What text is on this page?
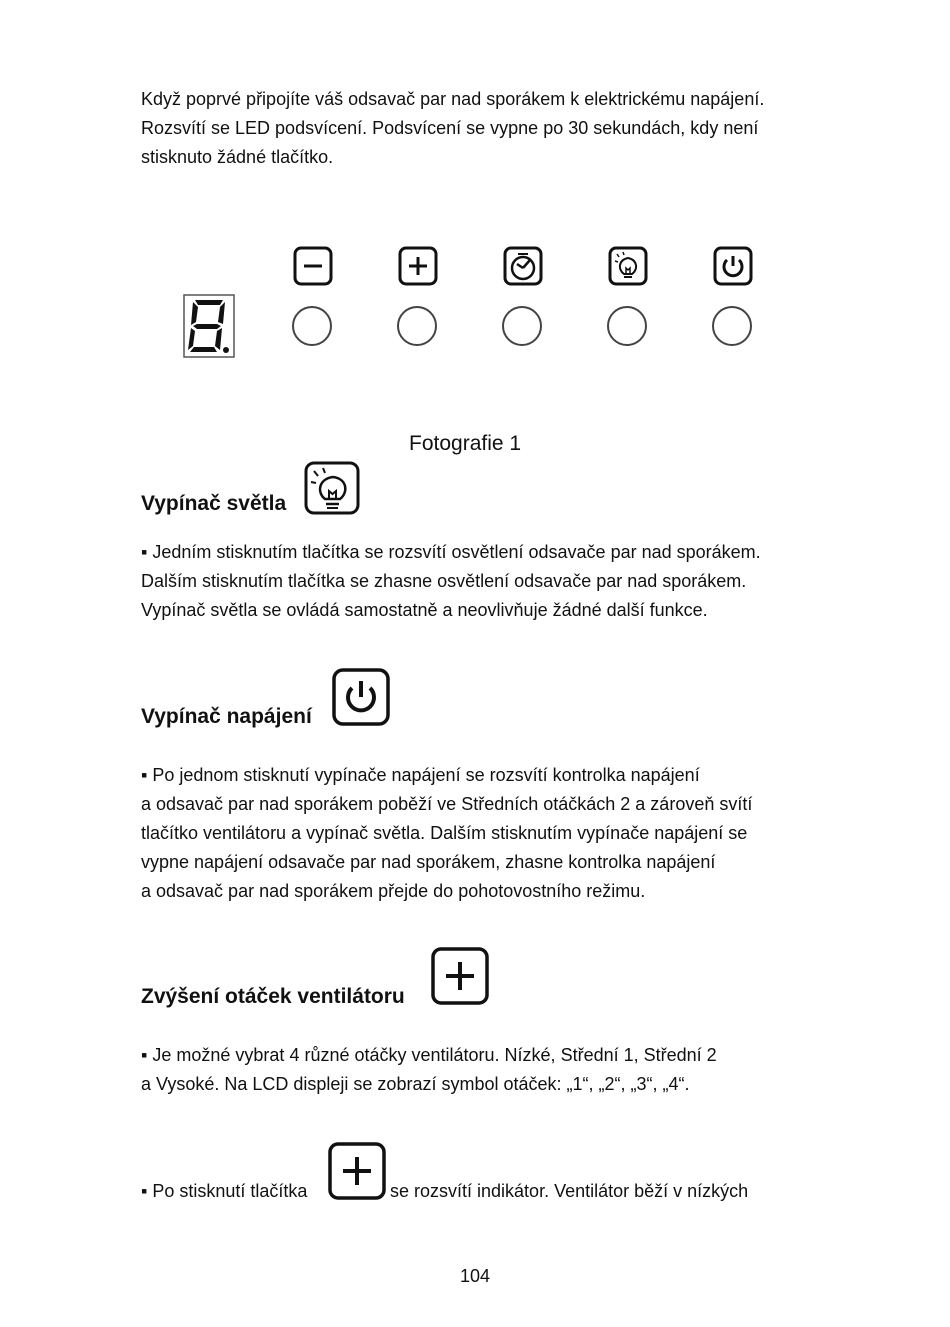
Když poprvé připojíte váš odsavač par nad sporákem k elektrickému napájení.
Rozsvítí se LED podsvícení. Podsvícení se vypne po 30 sekundách, kdy není
stisknuto žádné tlačítko.

Fotografie 1
Vypínač světla

▪ Jedním stisknutím tlačítka se rozsvítí osvětlení odsavače par nad sporákem.
Dalším stisknutím tlačítka se zhasne osvětlení odsavače par nad sporákem.
Vypínač světla se ovládá samostatně a neovlivňuje žádné další funkce.

Vypínač napájení

▪ Po jednom stisknutí vypínače napájení se rozsvítí kontrolka napájení
a odsavač par nad sporákem poběží ve Středních otáčkách 2 a zároveň svítí
tlačítko ventilátoru a vypínač světla. Dalším stisknutím vypínače napájení se
vypne napájení odsavače par nad sporákem, zhasne kontrolka napájení
a odsavač par nad sporákem přejde do pohotovostního režimu.

Zvýšení otáček ventilátoru

▪ Je možné vybrat 4 různé otáčky ventilátoru. Nízké, Střední 1, Střední 2
a Vysoké. Na LCD displeji se zobrazí symbol otáček: „1“, „2“, „3“, „4“.

▪ Po stisknutí tlačítka	se rozsvítí indikátor. Ventilátor běží v nízkých
104
